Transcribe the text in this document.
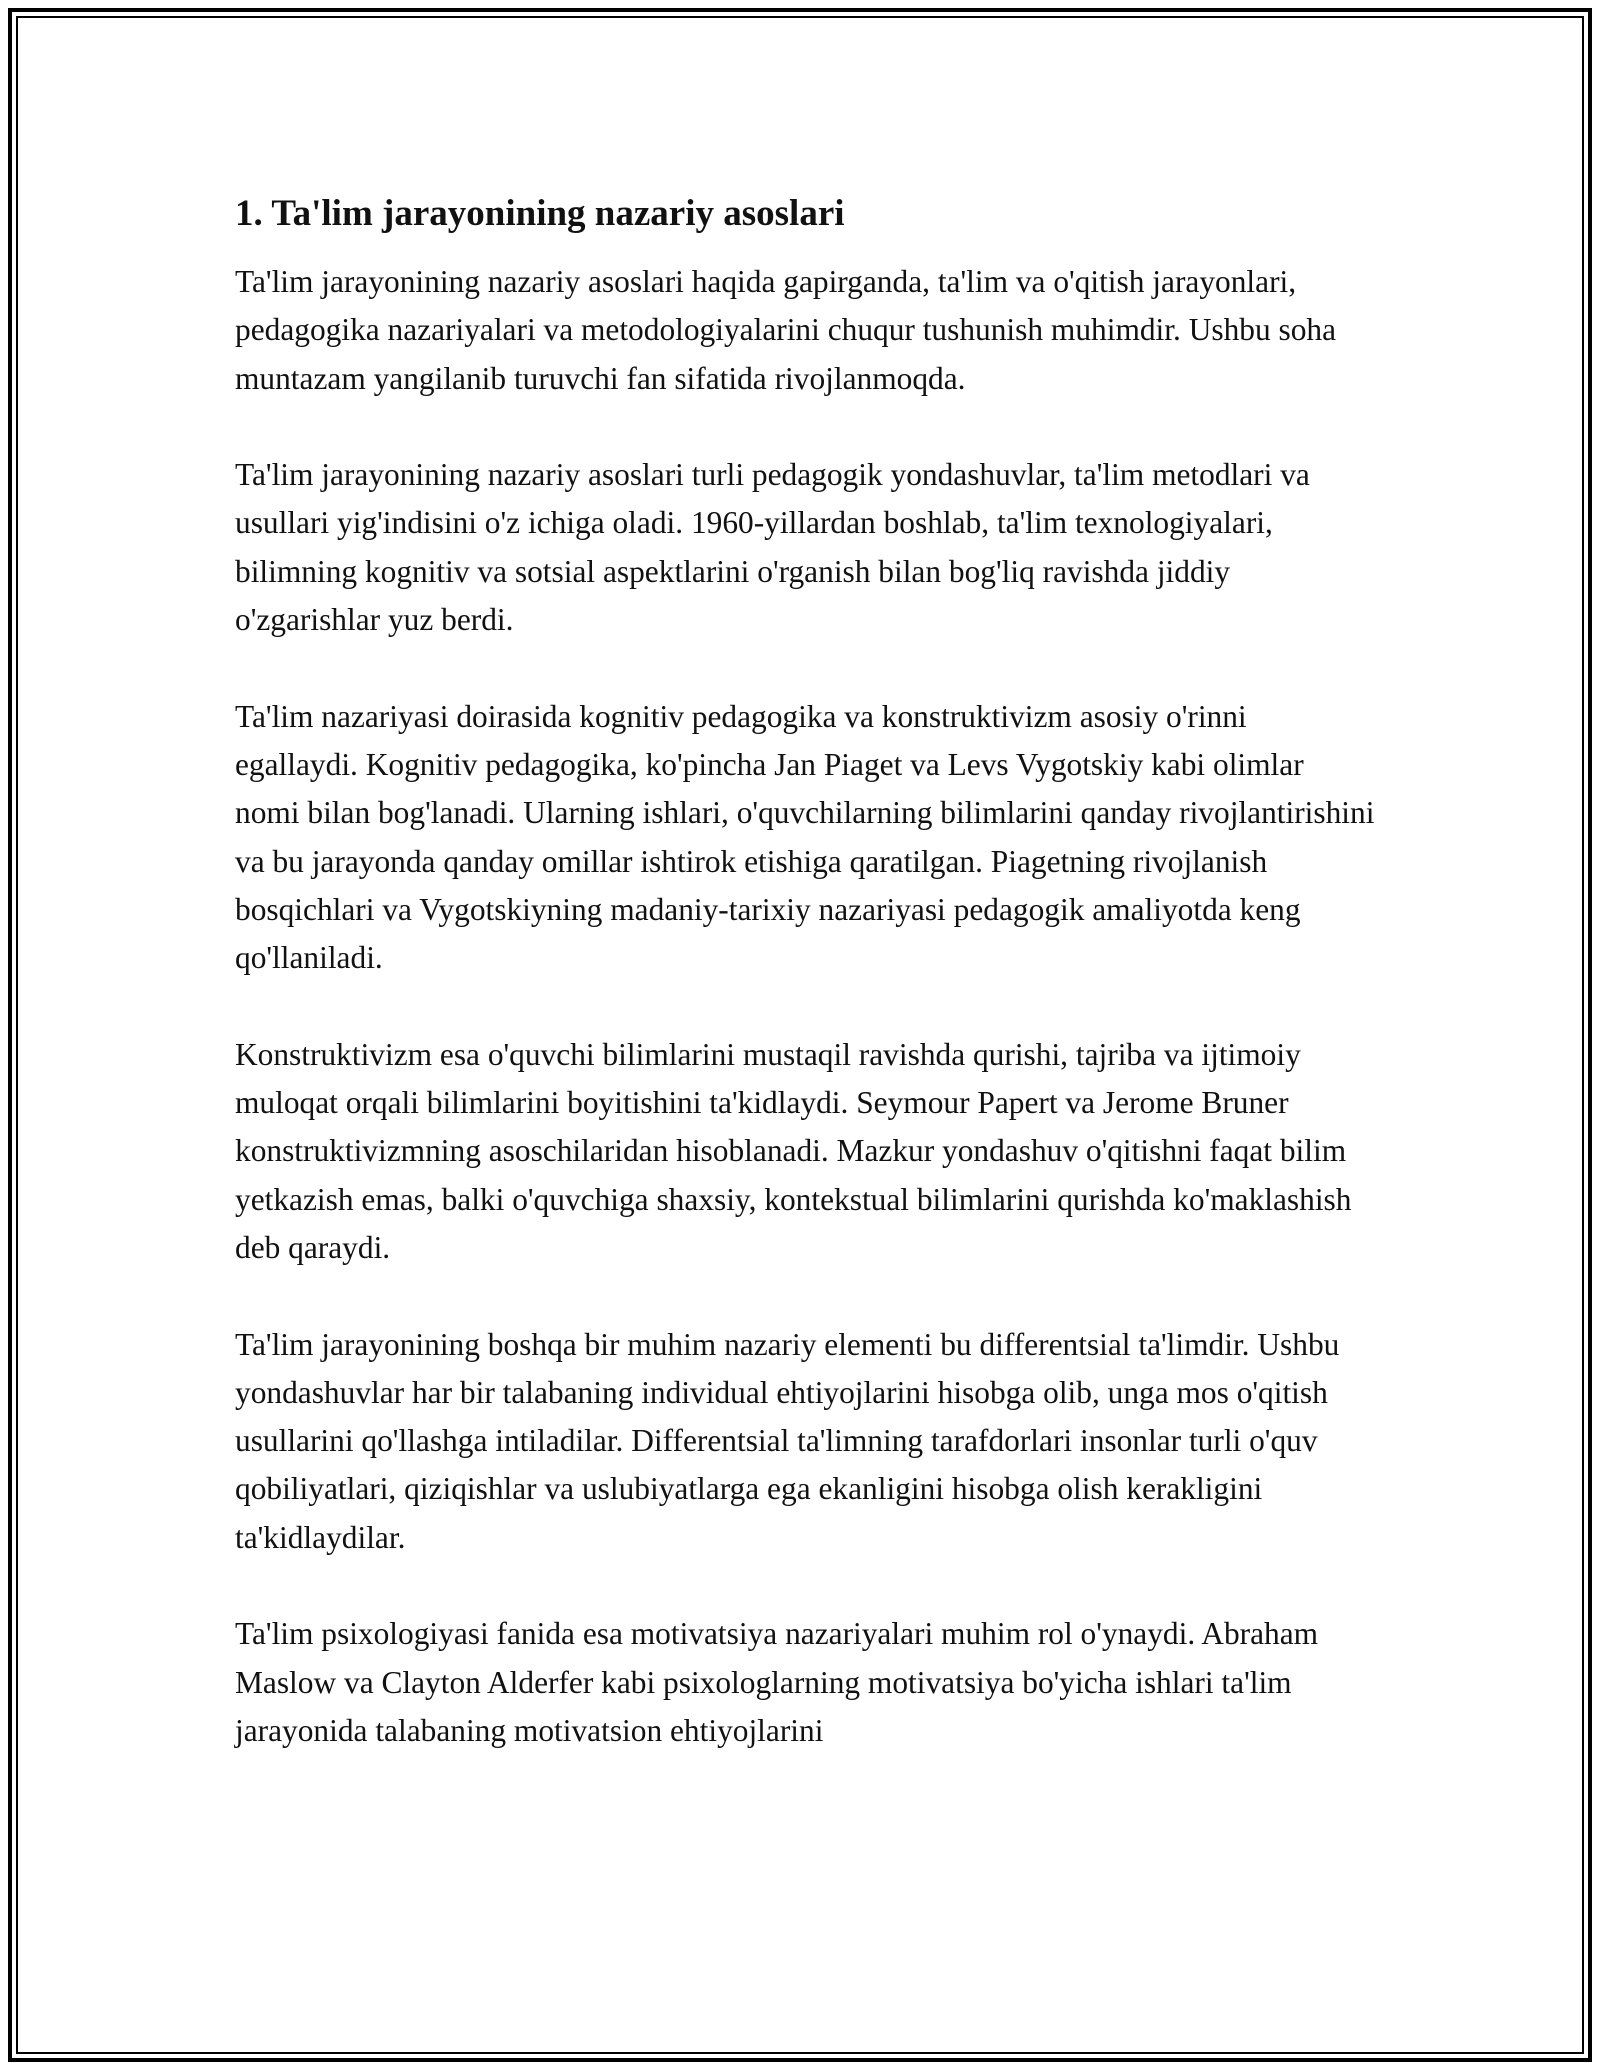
1. Ta'lim jarayonining nazariy asoslari

Ta'lim jarayonining nazariy asoslari haqida gapirganda, ta'lim va o'qitish jarayonlari, pedagogika nazariyalari va metodologiyalarini chuqur tushunish muhimdir. Ushbu soha muntazam yangilanib turuvchi fan sifatida rivojlanmoqda.

Ta'lim jarayonining nazariy asoslari turli pedagogik yondashuvlar, ta'lim metodlari va usullari yig'indisini o'z ichiga oladi. 1960-yillardan boshlab, ta'lim texnologiyalari, bilimning kognitiv va sotsial aspektlarini o'rganish bilan bog'liq ravishda jiddiy o'zgarishlar yuz berdi.

Ta'lim nazariyasi doirasida kognitiv pedagogika va konstruktivizm asosiy o'rinni egallaydi. Kognitiv pedagogika, ko'pincha Jan Piaget va Levs Vygotskiy kabi olimlar nomi bilan bog'lanadi. Ularning ishlari, o'quvchilarning bilimlarini qanday rivojlantirishini va bu jarayonda qanday omillar ishtirok etishiga qaratilgan. Piagetning rivojlanish bosqichlari va Vygotskiyning madaniy-tarixiy nazariyasi pedagogik amaliyotda keng qo'llaniladi.

Konstruktivizm esa o'quvchi bilimlarini mustaqil ravishda qurishi, tajriba va ijtimoiy muloqat orqali bilimlarini boyitishini ta'kidlaydi. Seymour Papert va Jerome Bruner konstruktivizmning asoschilaridan hisoblanadi. Mazkur yondashuv o'qitishni faqat bilim yetkazish emas, balki o'quvchiga shaxsiy, kontekstual bilimlarini qurishda ko'maklashish deb qaraydi.

Ta'lim jarayonining boshqa bir muhim nazariy elementi bu differentsial ta'limdir. Ushbu yondashuvlar har bir talabaning individual ehtiyojlarini hisobga olib, unga mos o'qitish usullarini qo'llashga intiladilar. Differentsial ta'limning tarafdorlari insonlar turli o'quv qobiliyatlari, qiziqishlar va uslubiyatlarga ega ekanligini hisobga olish kerakligini ta'kidlaydilar.

Ta'lim psixologiyasi fanida esa motivatsiya nazariyalari muhim rol o'ynaydi. Abraham Maslow va Clayton Alderfer kabi psixologlarning motivatsiya bo'yicha ishlari ta'lim jarayonida talabaning motivatsion ehtiyojlarini
